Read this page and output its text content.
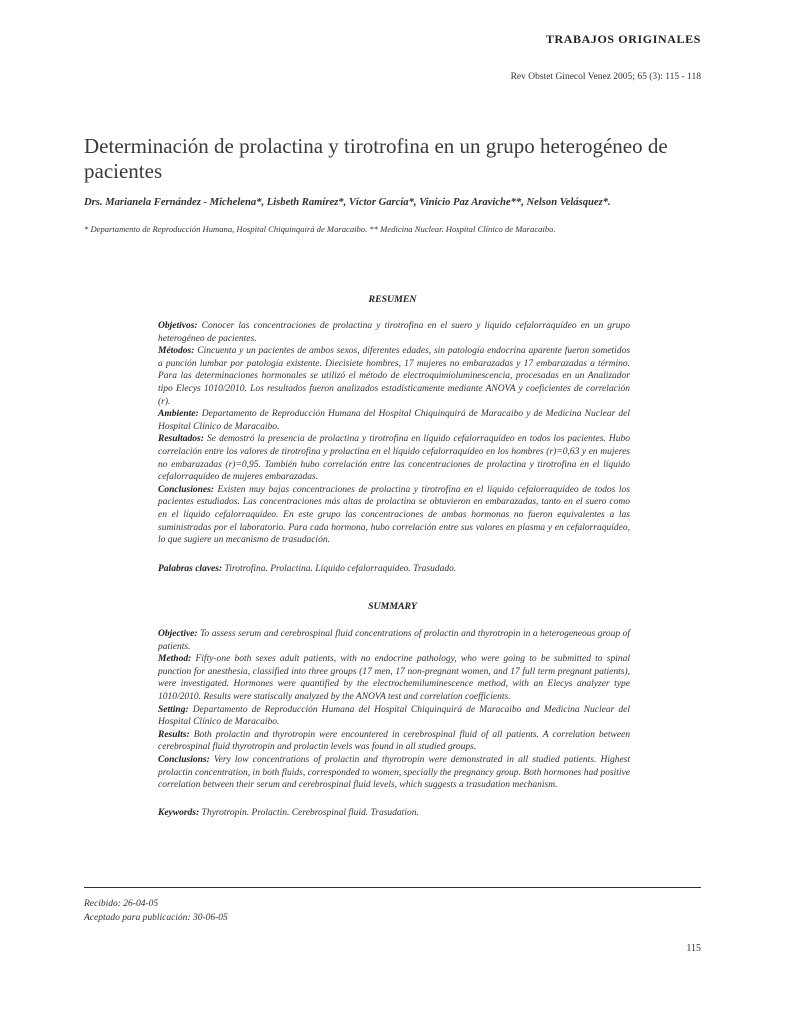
TRABAJOS ORIGINALES
Rev Obstet Ginecol Venez 2005; 65 (3): 115 - 118
Determinación de prolactina y tirotrofina en un grupo heterogéneo de pacientes
Drs. Marianela Fernández - Michelena*, Lisbeth Ramírez*, Víctor García*, Vinicio Paz Araviche**, Nelson Velásquez*.
* Departamento de Reproducción Humana, Hospital Chiquinquirá de Maracaibo. ** Medicina Nuclear. Hospital Clínico de Maracaibo.
RESUMEN

Objetivos: Conocer las concentraciones de prolactina y tirotrofina en el suero y líquido cefalorraquídeo en un grupo heterogéneo de pacientes.

Métodos: Cincuenta y un pacientes de ambos sexos, diferentes edades, sin patología endocrina aparente fueron sometidos a punción lumbar por patología existente. Diecisiete hombres, 17 mujeres no embarazadas y 17 embarazadas a término. Para las determinaciones hormonales se utilizó el método de electroquimioluminescencia, procesadas en un Analizador tipo Elecys 1010/2010. Los resultados fueron analizados estadísticamente mediante ANOVA y coeficientes de correlación (r).

Ambiente: Departamento de Reproducción Humana del Hospital Chiquinquirá de Maracaibo y de Medicina Nuclear del Hospital Clínico de Maracaibo.

Resultados: Se demostró la presencia de prolactina y tirotrofina en líquido cefalorraquídeo en todos los pacientes. Hubo correlación entre los valores de tirotrofina y prolactina en el líquido cefalorraquídeo en los hombres (r)=0,63 y en mujeres no embarazadas (r)=0,95. También hubo correlación entre las concentraciones de prolactina y tirotrofina en el líquido cefalorraquídeo de mujeres embarazadas.

Conclusiones: Existen muy bajas concentraciones de prolactina y tirotrofina en el líquido cefalorraquídeo de todos los pacientes estudiados. Las concentraciones más altas de prolactina se obtuvieron en embarazadas, tanto en el suero como en el líquido cefalorraquídeo. En este grupo las concentraciones de ambas hormonas no fueron equivalentes a las suministradas por el laboratorio. Para cada hormona, hubo correlación entre sus valores en plasma y en cefalorraquídeo, lo que sugiere un mecanismo de trasudación.

Palabras claves: Tirotrofina. Prolactina. Líquido cefalorraquídeo. Trasudado.

SUMMARY

Objective: To assess serum and cerebrospinal fluid concentrations of prolactin and thyrotropin in a heterogeneous group of patients.

Method: Fifty-one both sexes adult patients, with no endocrine pathology, who were going to be submitted to spinal punction for anesthesia, classified into three groups (17 men, 17 non-pregnant women, and 17 full term pregnant patients), were investigated. Hormones were quantified by the electrochemiluminescence method, with an Elecys analyzer type 1010/2010. Results were statiscally analyzed by the ANOVA test and correlation coefficients.

Setting: Departamento de Reproducción Humana del Hospital Chiquinquirá de Maracaibo and Medicina Nuclear del Hospital Clínico de Maracaibo.

Results: Both prolactin and thyrotropin were encountered in cerebrospinal fluid of all patients. A correlation between cerebrospinal fluid thyrotropin and prolactin levels was found in all studied groups.

Conclusions: Very low concentrations of prolactin and thyrotropin were demonstrated in all studied patients. Highest prolactin concentration, in both fluids, corresponded to women, specially the pregnancy group. Both hormones had positive correlation between their serum and cerebrospinal fluid levels, which suggests a trasudation mechanism.

Keywords: Thyrotropin. Prolactin. Cerebrospinal fluid. Trasudation.

Recibido: 26-04-05

Aceptado para publicación: 30-06-05

115
